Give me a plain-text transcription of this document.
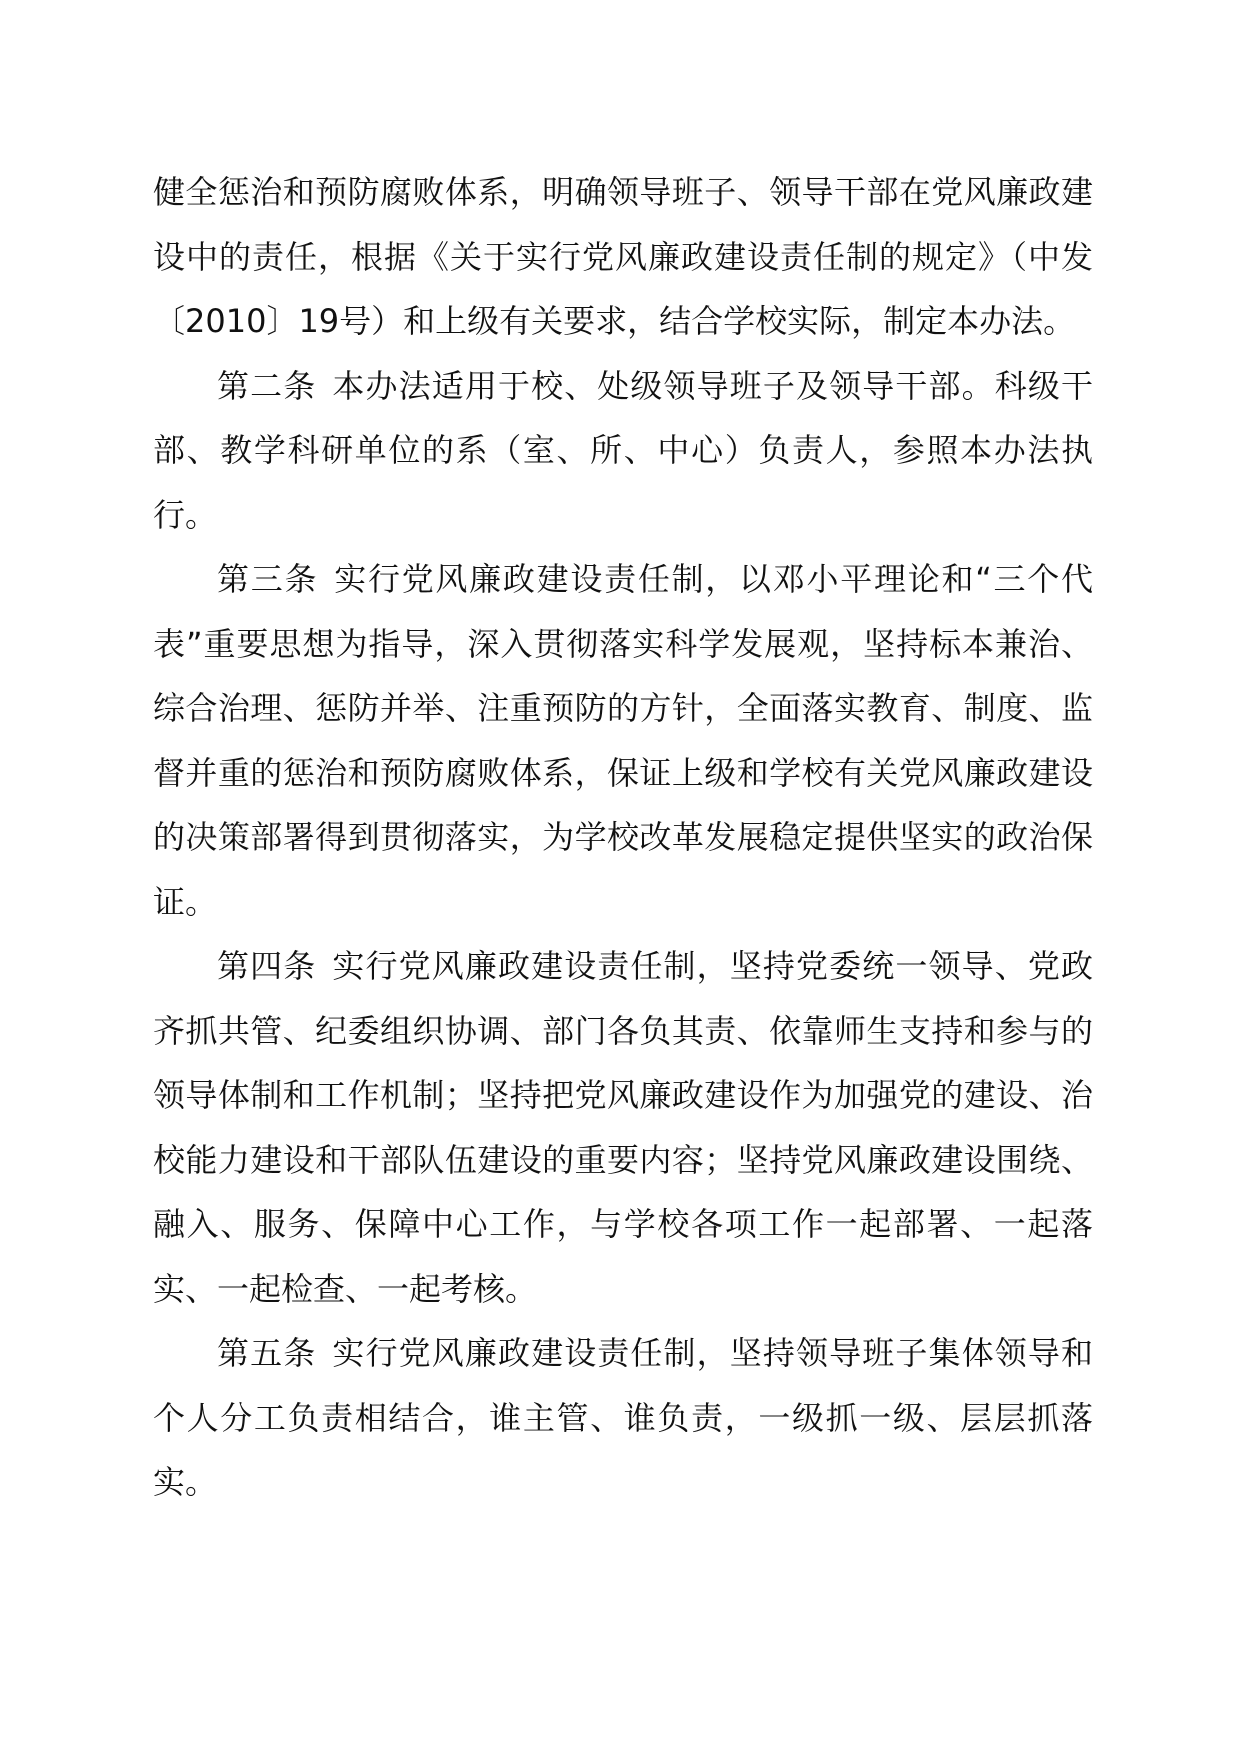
健全惩治和预防腐败体系，明确领导班子、领导干部在党风廉政建设中的责任，根据《关于实行党风廉政建设责任制的规定》（中发〔2010〕19号）和上级有关要求，结合学校实际，制定本办法。

第二条 本办法适用于校、处级领导班子及领导干部。科级干部、教学科研单位的系（室、所、中心）负责人，参照本办法执行。

第三条 实行党风廉政建设责任制，以邓小平理论和“三个代表”重要思想为指导，深入贯彻落实科学发展观，坚持标本兼治、综合治理、惩防并举、注重预防的方针，全面落实教育、制度、监督并重的惩治和预防腐败体系，保证上级和学校有关党风廉政建设的决策部署得到贯彻落实，为学校改革发展稳定提供坚实的政治保证。

第四条 实行党风廉政建设责任制，坚持党委统一领导、党政齐抓共管、纪委组织协调、部门各负其责、依靠师生支持和参与的领导体制和工作机制；坚持把党风廉政建设作为加强党的建设、治校能力建设和干部队伍建设的重要内容；坚持党风廉政建设围绕、融入、服务、保障中心工作，与学校各项工作一起部署、一起落实、一起检查、一起考核。

第五条 实行党风廉政建设责任制，坚持领导班子集体领导和个人分工负责相结合，谁主管、谁负责，一级抓一级、层层抓落实。
